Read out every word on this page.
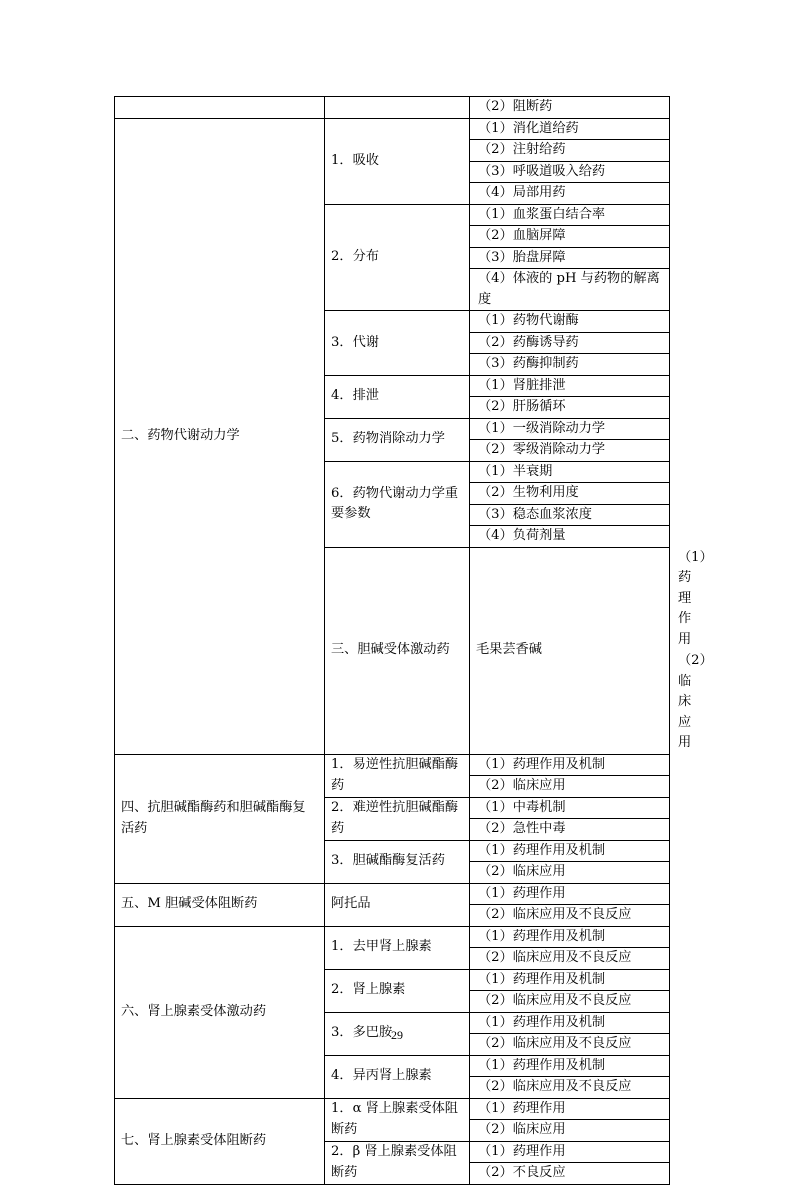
		（2）阻断药	
二、药物代谢动力学	1．吸收	（1）消化道给药	
		（2）注射给药	
		（3）呼吸道吸入给药	
		（4）局部用药	
	2．分布	（1）血浆蛋白结合率	
		（2）血脑屏障	
		（3）胎盘屏障	
		（4）体液的 pH 与药物的解离度	
	3．代谢	（1）药物代谢酶	
		（2）药酶诱导药	
		（3）药酶抑制药	
	4．排泄	（1）肾脏排泄	
		（2）肝肠循环	
	5．药物消除动力学	（1）一级消除动力学	
		（2）零级消除动力学	
	6．药物代谢动力学重要参数	（1）半衰期	
		（2）生物利用度	
		（3）稳态血浆浓度	
		（4）负荷剂量	
	三、胆碱受体激动药	毛果芸香碱	（1）药理作用
			（2）临床应用
四、抗胆碱酯酶药和胆碱酯酶复活药	1．易逆性抗胆碱酯酶药	（1）药理作用及机制	
		（2）临床应用	
	2．难逆性抗胆碱酯酶药	（1）中毒机制	
		（2）急性中毒	
	3．胆碱酯酶复活药	（1）药理作用及机制	
		（2）临床应用	
五、M 胆碱受体阻断药	阿托品	（1）药理作用	
		（2）临床应用及不良反应	
六、肾上腺素受体激动药	1．去甲肾上腺素	（1）药理作用及机制	
		（2）临床应用及不良反应	
	2．肾上腺素	（1）药理作用及机制	
		（2）临床应用及不良反应	
	3．多巴胺	（1）药理作用及机制	
		（2）临床应用及不良反应	
	4．异丙肾上腺素	（1）药理作用及机制	
		（2）临床应用及不良反应	
七、肾上腺素受体阻断药	1．α 肾上腺素受体阻断药	（1）药理作用	
		（2）临床应用	
	2．β 肾上腺素受体阻断药	（1）药理作用	
		（2）不良反应	
29
